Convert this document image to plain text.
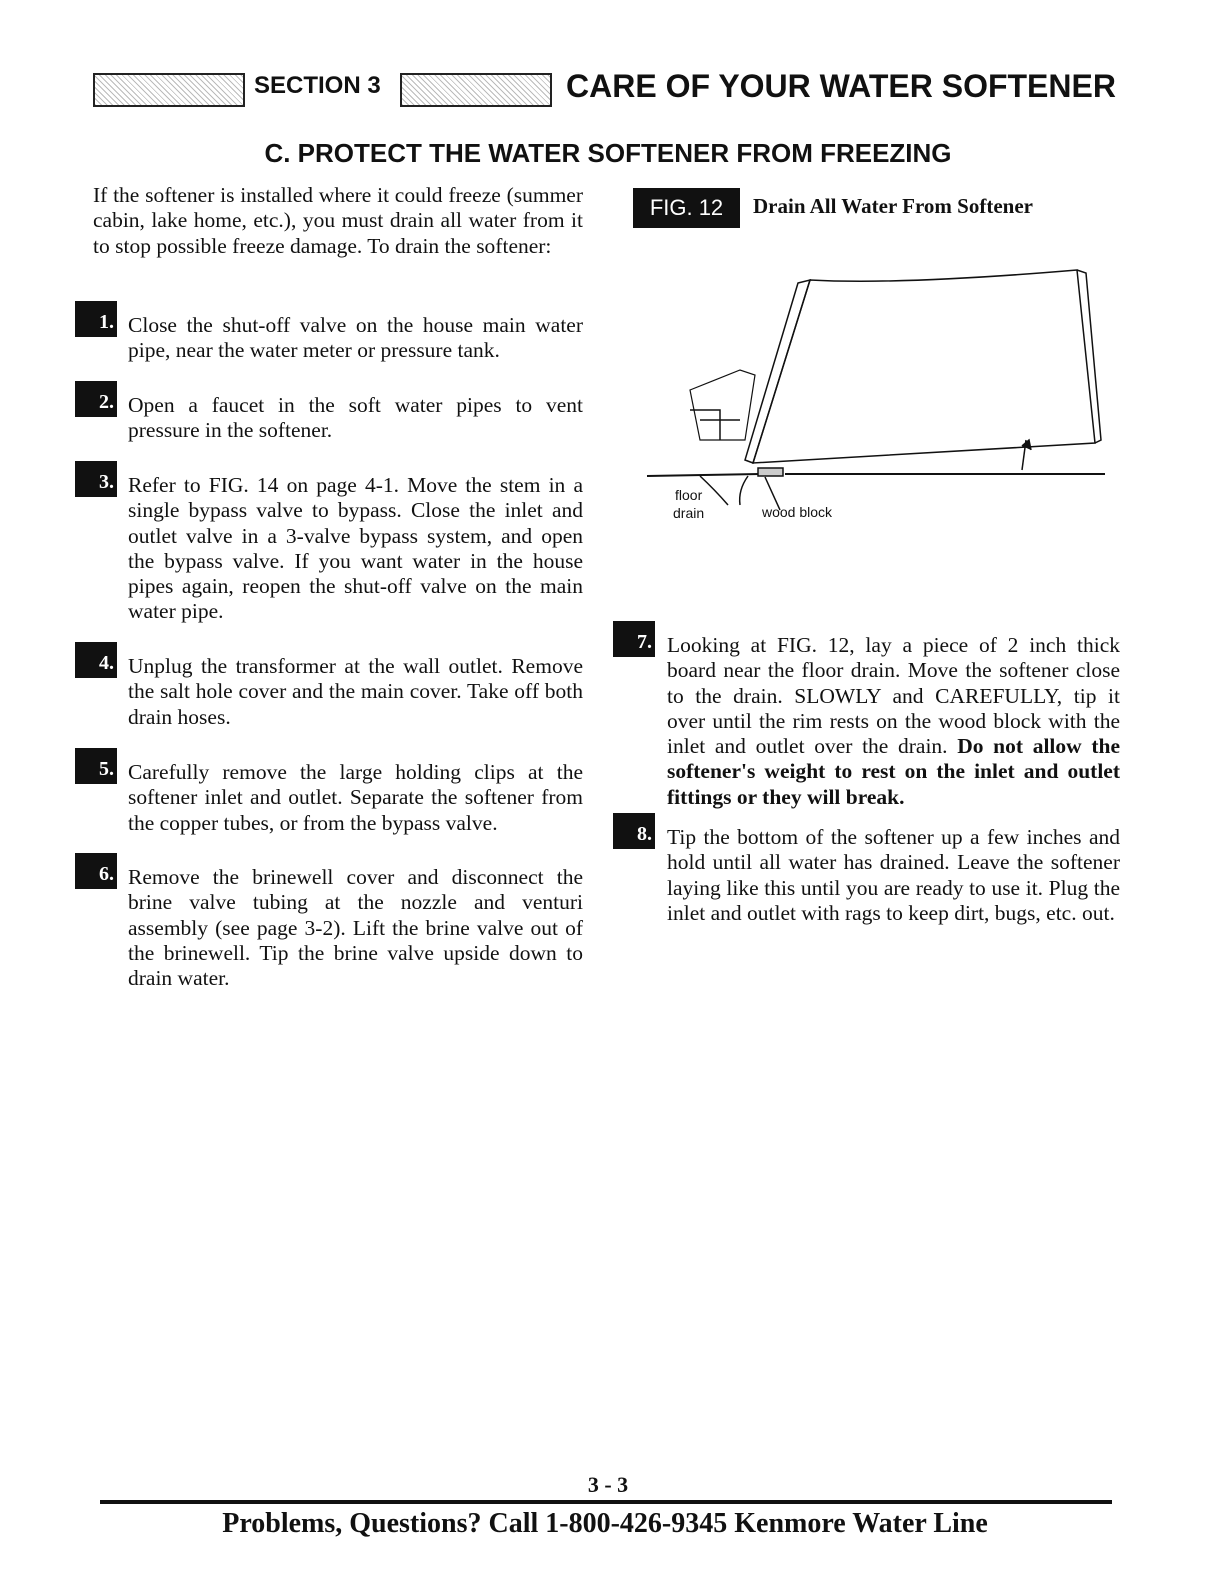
SECTION 3	CARE OF YOUR WATER SOFTENER
C. PROTECT THE WATER SOFTENER FROM FREEZING
If the softener is installed where it could freeze (summer cabin, lake home, etc.), you must drain all water from it to stop possible freeze damage. To drain the softener:
1. Close the shut-off valve on the house main water pipe, near the water meter or pressure tank.
2. Open a faucet in the soft water pipes to vent pressure in the softener.
3. Refer to FIG. 14 on page 4-1. Move the stem in a single bypass valve to bypass. Close the inlet and outlet valve in a 3-valve bypass system, and open the bypass valve. If you want water in the house pipes again, reopen the shut-off valve on the main water pipe.
4. Unplug the transformer at the wall outlet. Remove the salt hole cover and the main cover. Take off both drain hoses.
5. Carefully remove the large holding clips at the softener inlet and outlet. Separate the softener from the copper tubes, or from the bypass valve.
6. Remove the brinewell cover and disconnect the brine valve tubing at the nozzle and venturi assembly (see page 3-2). Lift the brine valve out of the brinewell. Tip the brine valve upside down to drain water.
FIG. 12	Drain All Water From Softener
floor
drain	wood block
7. Looking at FIG. 12, lay a piece of 2 inch thick board near the floor drain. Move the softener close to the drain. SLOWLY and CAREFULLY, tip it over until the rim rests on the wood block with the inlet and outlet over the drain. Do not allow the softener's weight to rest on the inlet and outlet fittings or they will break.
8. Tip the bottom of the softener up a few inches and hold until all water has drained. Leave the softener laying like this until you are ready to use it. Plug the inlet and outlet with rags to keep dirt, bugs, etc. out.
3 - 3
Problems, Questions? Call 1-800-426-9345 Kenmore Water Line
